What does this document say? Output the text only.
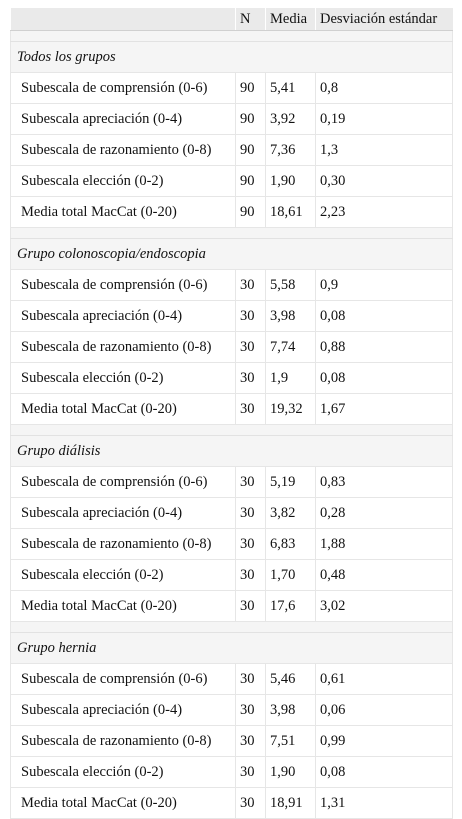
	N	Media	Desviación estándar

Todos los grupos			
Subescala de comprensión (0-6)	90	5,41	0,8
Subescala apreciación (0-4)	90	3,92	0,19
Subescala de razonamiento (0-8)	90	7,36	1,3
Subescala elección (0-2)	90	1,90	0,30
Media total MacCat (0-20)	90	18,61	2,23

Grupo colonoscopia/endoscopia			
Subescala de comprensión (0-6)	30	5,58	0,9
Subescala apreciación (0-4)	30	3,98	0,08
Subescala de razonamiento (0-8)	30	7,74	0,88
Subescala elección (0-2)	30	1,9	0,08
Media total MacCat (0-20)	30	19,32	1,67

Grupo diálisis			
Subescala de comprensión (0-6)	30	5,19	0,83
Subescala apreciación (0-4)	30	3,82	0,28
Subescala de razonamiento (0-8)	30	6,83	1,88
Subescala elección (0-2)	30	1,70	0,48
Media total MacCat (0-20)	30	17,6	3,02

Grupo hernia			
Subescala de comprensión (0-6)	30	5,46	0,61
Subescala apreciación (0-4)	30	3,98	0,06
Subescala de razonamiento (0-8)	30	7,51	0,99
Subescala elección (0-2)	30	1,90	0,08
Media total MacCat (0-20)	30	18,91	1,31
